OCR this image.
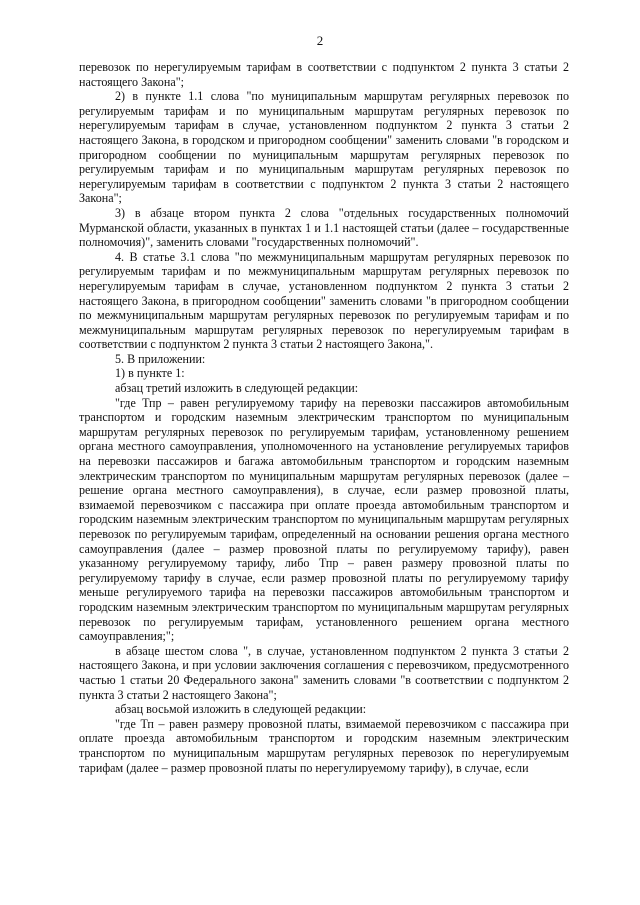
2

перевозок по нерегулируемым тарифам в соответствии с подпунктом 2 пункта 3 статьи 2 настоящего Закона";

2) в пункте 1.1 слова "по муниципальным маршрутам регулярных перевозок по регулируемым тарифам и по муниципальным маршрутам регулярных перевозок по нерегулируемым тарифам в случае, установленном подпунктом 2 пункта 3 статьи 2 настоящего Закона, в городском и пригородном сообщении" заменить словами "в городском и пригородном сообщении по муниципальным маршрутам регулярных перевозок по регулируемым тарифам и по муниципальным маршрутам регулярных перевозок по нерегулируемым тарифам в соответствии с подпунктом 2 пункта 3 статьи 2 настоящего Закона";

3) в абзаце втором пункта 2 слова "отдельных государственных полномочий Мурманской области, указанных в пунктах 1 и 1.1 настоящей статьи (далее – государственные полномочия)", заменить словами "государственных полномочий".

4. В статье 3.1 слова "по межмуниципальным маршрутам регулярных перевозок по регулируемым тарифам и по межмуниципальным маршрутам регулярных перевозок по нерегулируемым тарифам в случае, установленном подпунктом 2 пункта 3 статьи 2 настоящего Закона, в пригородном сообщении" заменить словами "в пригородном сообщении по межмуниципальным маршрутам регулярных перевозок по регулируемым тарифам и по межмуниципальным маршрутам регулярных перевозок по нерегулируемым тарифам в соответствии с подпунктом 2 пункта 3 статьи 2 настоящего Закона,".

5. В приложении:

1) в пункте 1:

абзац третий изложить в следующей редакции:

"где Тпр – равен регулируемому тарифу на перевозки пассажиров автомобильным транспортом и городским наземным электрическим транспортом по муниципальным маршрутам регулярных перевозок по регулируемым тарифам, установленному решением органа местного самоуправления, уполномоченного на установление регулируемых тарифов на перевозки пассажиров и багажа автомобильным транспортом и городским наземным электрическим транспортом по муниципальным маршрутам регулярных перевозок (далее – решение органа местного самоуправления), в случае, если размер провозной платы, взимаемой перевозчиком с пассажира при оплате проезда автомобильным транспортом и городским наземным электрическим транспортом по муниципальным маршрутам регулярных перевозок по регулируемым тарифам, определенный на основании решения органа местного самоуправления (далее – размер провозной платы по регулируемому тарифу), равен указанному регулируемому тарифу, либо Тпр – равен размеру провозной платы по регулируемому тарифу в случае, если размер провозной платы по регулируемому тарифу меньше регулируемого тарифа на перевозки пассажиров автомобильным транспортом и городским наземным электрическим транспортом по муниципальным маршрутам регулярных перевозок по регулируемым тарифам, установленного решением органа местного самоуправления;";

в абзаце шестом слова ", в случае, установленном подпунктом 2 пункта 3 статьи 2 настоящего Закона, и при условии заключения соглашения с перевозчиком, предусмотренного частью 1 статьи 20 Федерального закона" заменить словами "в соответствии с подпунктом 2 пункта 3 статьи 2 настоящего Закона";

абзац восьмой изложить в следующей редакции:

"где Тп – равен размеру провозной платы, взимаемой перевозчиком с пассажира при оплате проезда автомобильным транспортом и городским наземным электрическим транспортом по муниципальным маршрутам регулярных перевозок по нерегулируемым тарифам (далее – размер провозной платы по нерегулируемому тарифу), в случае, если
